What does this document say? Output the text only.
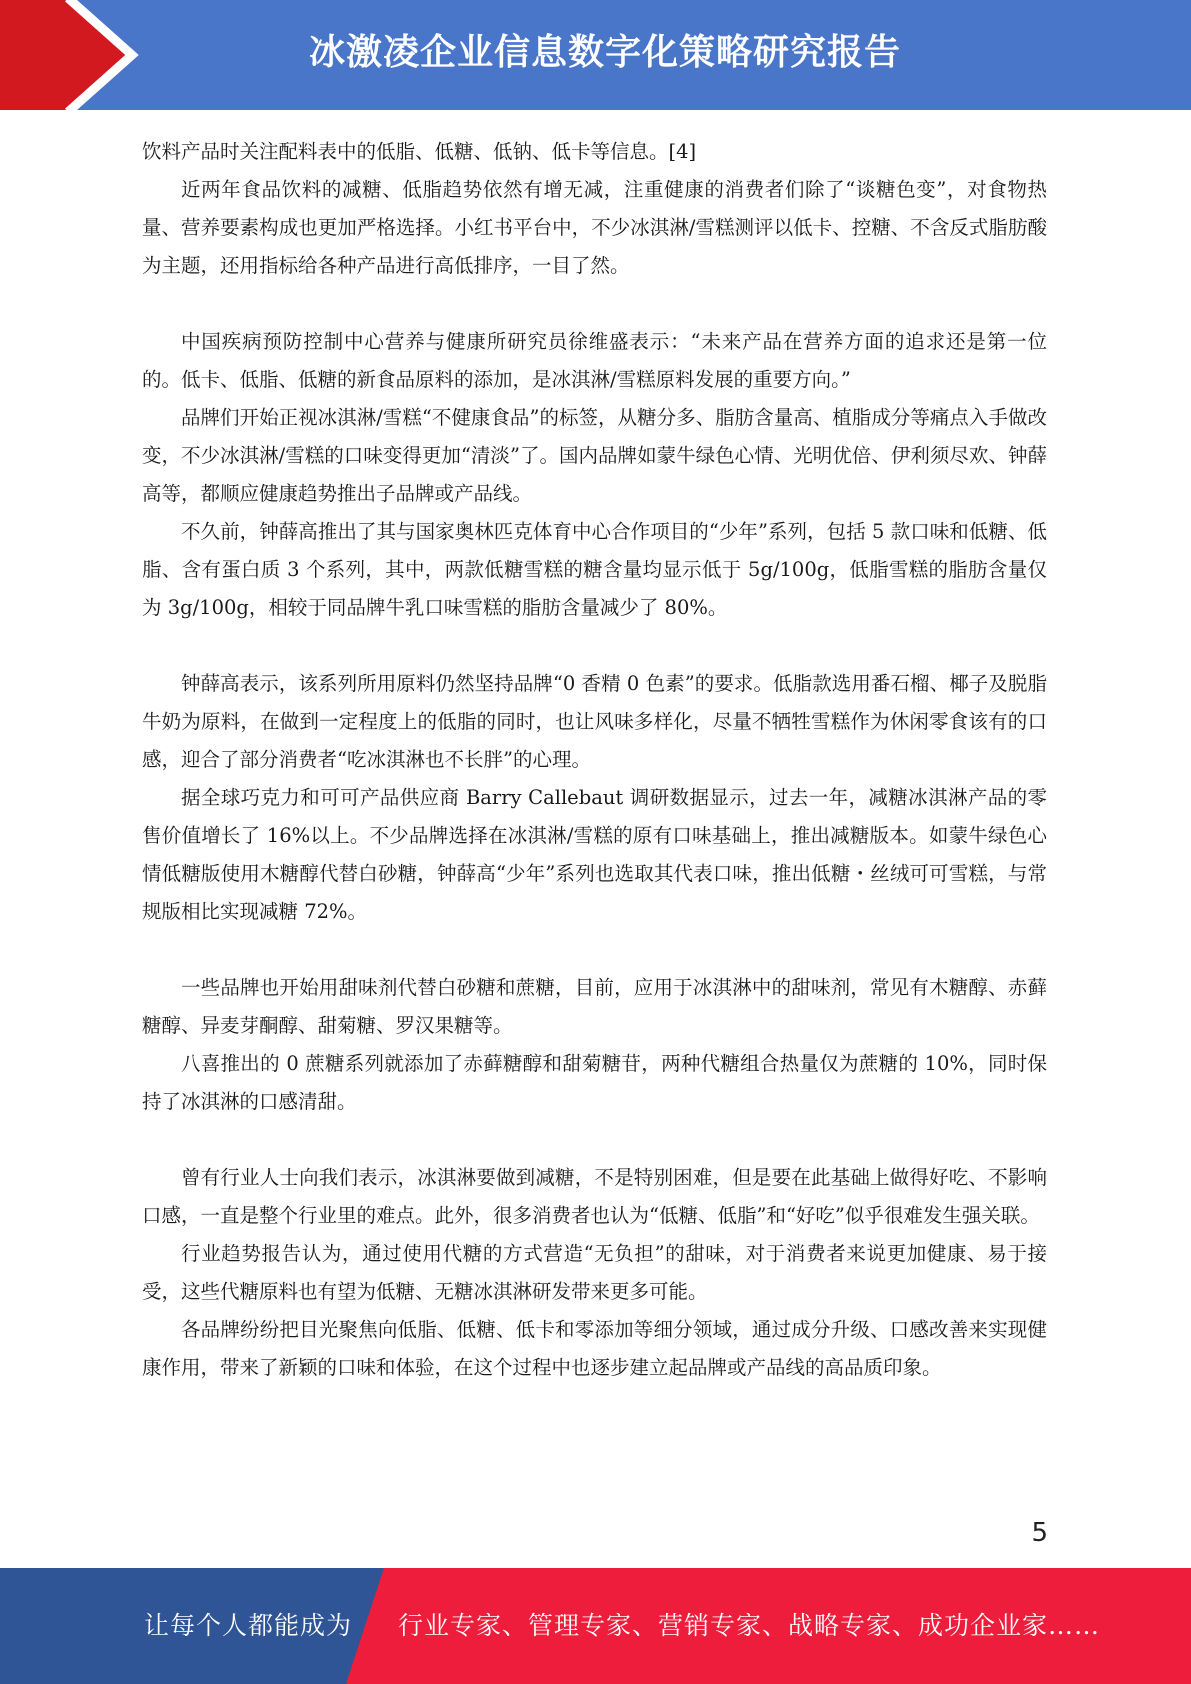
冰激凌企业信息数字化策略研究报告

饮料产品时关注配料表中的低脂、低糖、低钠、低卡等信息。[4]

近两年食品饮料的减糖、低脂趋势依然有增无减，注重健康的消费者们除了“谈糖色变”，对食物热量、营养要素构成也更加严格选择。小红书平台中，不少冰淇淋/雪糕测评以低卡、控糖、不含反式脂肪酸为主题，还用指标给各种产品进行高低排序，一目了然。

中国疾病预防控制中心营养与健康所研究员徐维盛表示：“未来产品在营养方面的追求还是第一位的。低卡、低脂、低糖的新食品原料的添加，是冰淇淋/雪糕原料发展的重要方向。”

品牌们开始正视冰淇淋/雪糕“不健康食品”的标签，从糖分多、脂肪含量高、植脂成分等痛点入手做改变，不少冰淇淋/雪糕的口味变得更加“清淡”了。国内品牌如蒙牛绿色心情、光明优倍、伊利须尽欢、钟薛高等，都顺应健康趋势推出子品牌或产品线。

不久前，钟薛高推出了其与国家奥林匹克体育中心合作项目的“少年”系列，包括 5 款口味和低糖、低脂、含有蛋白质 3 个系列，其中，两款低糖雪糕的糖含量均显示低于 5g/100g，低脂雪糕的脂肪含量仅为 3g/100g，相较于同品牌牛乳口味雪糕的脂肪含量减少了 80%。

钟薛高表示，该系列所用原料仍然坚持品牌“0 香精 0 色素”的要求。低脂款选用番石榴、椰子及脱脂牛奶为原料，在做到一定程度上的低脂的同时，也让风味多样化，尽量不牺牲雪糕作为休闲零食该有的口感，迎合了部分消费者“吃冰淇淋也不长胖”的心理。

据全球巧克力和可可产品供应商 Barry Callebaut 调研数据显示，过去一年，减糖冰淇淋产品的零售价值增长了 16%以上。不少品牌选择在冰淇淋/雪糕的原有口味基础上，推出减糖版本。如蒙牛绿色心情低糖版使用木糖醇代替白砂糖，钟薛高“少年”系列也选取其代表口味，推出低糖・丝绒可可雪糕，与常规版相比实现减糖 72%。

一些品牌也开始用甜味剂代替白砂糖和蔗糖，目前，应用于冰淇淋中的甜味剂，常见有木糖醇、赤藓糖醇、异麦芽酮醇、甜菊糖、罗汉果糖等。

八喜推出的 0 蔗糖系列就添加了赤藓糖醇和甜菊糖苷，两种代糖组合热量仅为蔗糖的 10%，同时保持了冰淇淋的口感清甜。

曾有行业人士向我们表示，冰淇淋要做到减糖，不是特别困难，但是要在此基础上做得好吃、不影响口感，一直是整个行业里的难点。此外，很多消费者也认为“低糖、低脂”和“好吃”似乎很难发生强关联。

行业趋势报告认为，通过使用代糖的方式营造“无负担”的甜味，对于消费者来说更加健康、易于接受，这些代糖原料也有望为低糖、无糖冰淇淋研发带来更多可能。

各品牌纷纷把目光聚焦向低脂、低糖、低卡和零添加等细分领域，通过成分升级、口感改善来实现健康作用，带来了新颖的口味和体验，在这个过程中也逐步建立起品牌或产品线的高品质印象。

5
让每个人都能成为 行业专家、管理专家、营销专家、战略专家、成功企业家……
